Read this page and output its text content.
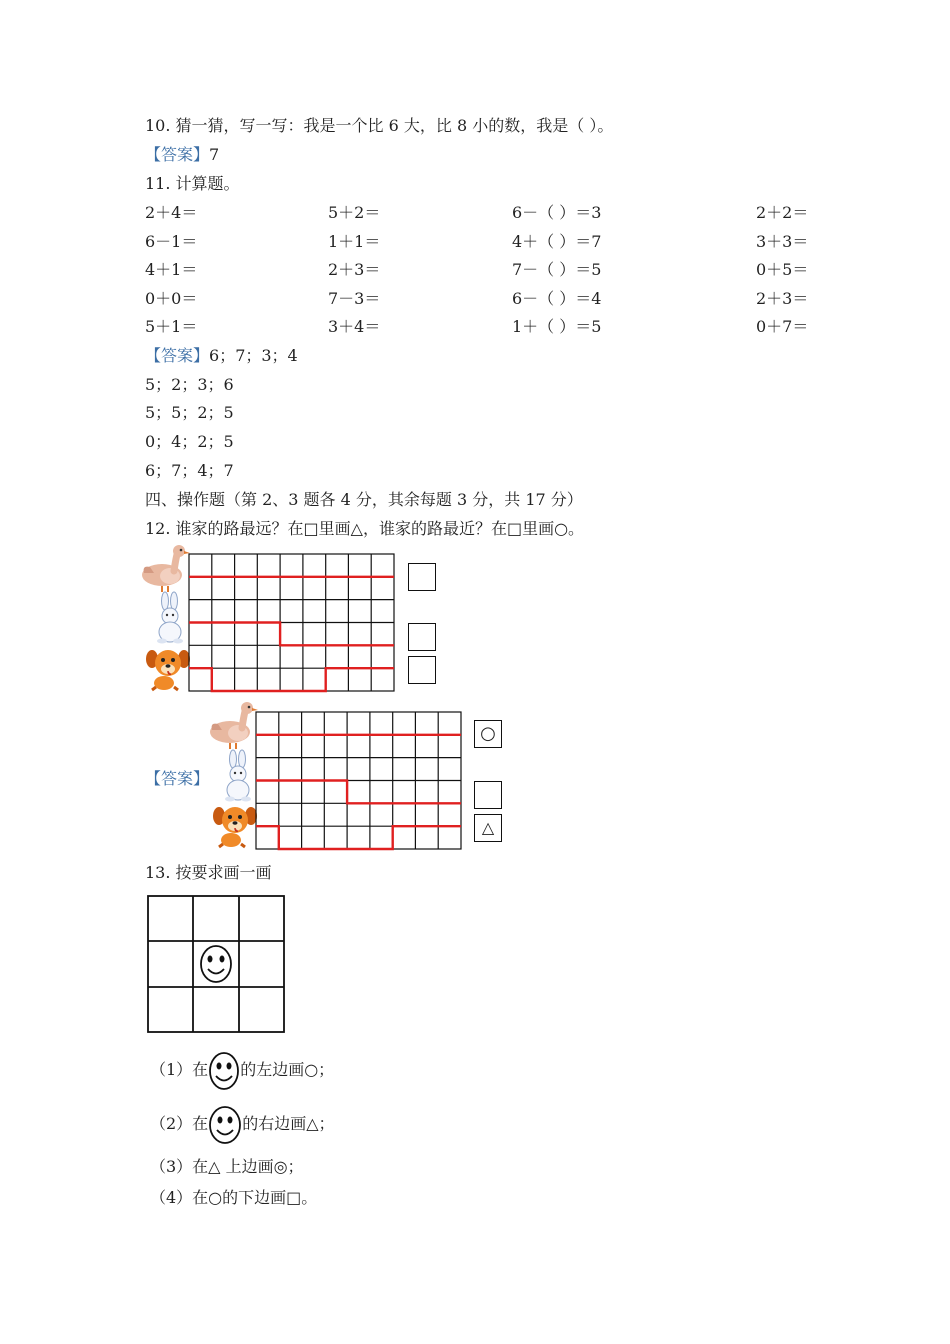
10. 猜一猜，写一写：我是一个比 6 大，比 8 小的数，我是（ ）。
【答案】7
11. 计算题。
2＋4＝	5＋2＝	6－（ ）＝3	2＋2＝
6－1＝	1＋1＝	4＋（ ）＝7	3＋3＝
4＋1＝	2＋3＝	7－（ ）＝5	0＋5＝
0＋0＝	7－3＝	6－（ ）＝4	2＋3＝
5＋1＝	3＋4＝	1＋（ ）＝5	0＋7＝
【答案】6；7；3；4
5；2；3；6
5；5；2；5
0；4；2；5
6；7；4；7
四、操作题（第 2、3 题各 4 分，其余每题 3 分，共 17 分）
12. 谁家的路最远？在□里画△，谁家的路最近？在□里画○。
【答案】
○
△
13. 按要求画一画
（1）在 的左边画○；
（2）在 的右边画△；
（3）在△ 上边画◎；
（4）在○的下边画□。
